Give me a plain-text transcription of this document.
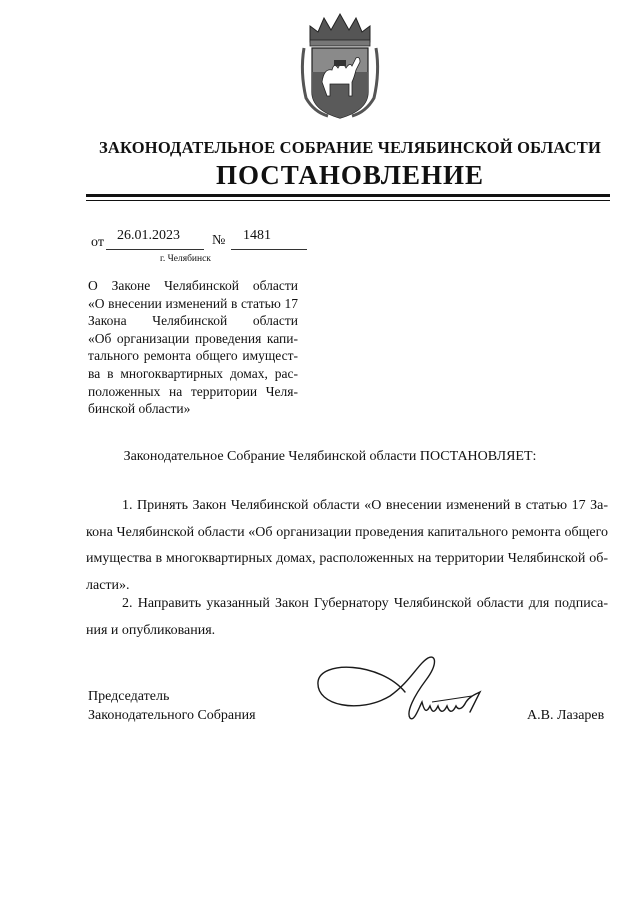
ЗАКОНОДАТЕЛЬНОЕ СОБРАНИЕ ЧЕЛЯБИНСКОЙ ОБЛАСТИ
ПОСТАНОВЛЕНИЕ
от 26.01.2023 № 1481
г. Челябинск
О Законе Челябинской области
«О внесении изменений в статью 17
Закона Челябинской области
«Об организации проведения капи-
тального ремонта общего имущест-
ва в многоквартирных домах, рас-
положенных на территории Челя-
бинской области»
Законодательное Собрание Челябинской области ПОСТАНОВЛЯЕТ:
1. Принять Закон Челябинской области «О внесении изменений в статью 17 За-
кона Челябинской области «Об организации проведения капитального ремонта общего
имущества в многоквартирных домах, расположенных на территории Челябинской об-
ласти».
2. Направить указанный Закон Губернатору Челябинской области для подписа-
ния и опубликования.
Председатель
Законодательного Собрания	А.В. Лазарев
